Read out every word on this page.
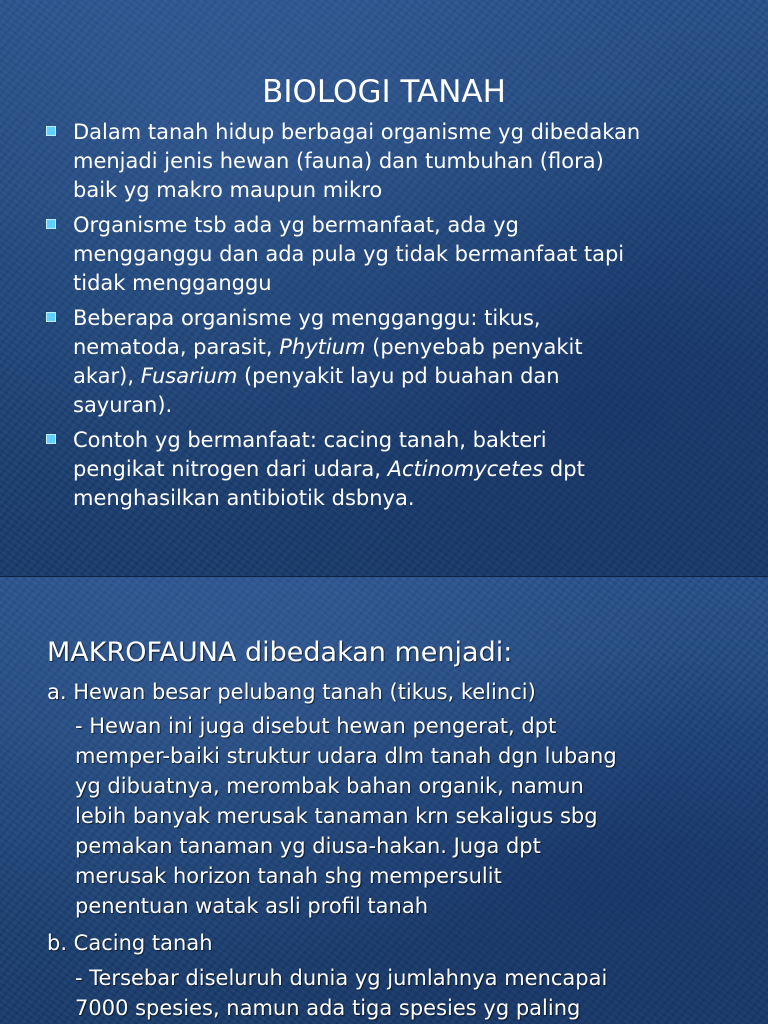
BIOLOGI TANAH
Dalam tanah hidup berbagai organisme yg dibedakan
menjadi jenis hewan (fauna) dan tumbuhan (flora)
baik yg makro maupun mikro
Organisme tsb ada yg bermanfaat, ada yg
mengganggu dan ada pula yg tidak bermanfaat tapi
tidak mengganggu
Beberapa organisme yg mengganggu: tikus,
nematoda, parasit, Phytium (penyebab penyakit
akar), Fusarium (penyakit layu pd buahan dan
sayuran).
Contoh yg bermanfaat: cacing tanah, bakteri
pengikat nitrogen dari udara, Actinomycetes dpt
menghasilkan antibiotik dsbnya.
MAKROFAUNA dibedakan menjadi:
a. Hewan besar pelubang tanah (tikus, kelinci)
- Hewan ini juga disebut hewan pengerat, dpt
memper-baiki struktur udara dlm tanah dgn lubang
yg dibuatnya, merombak bahan organik, namun
lebih banyak merusak tanaman krn sekaligus sbg
pemakan tanaman yg diusa-hakan. Juga dpt
merusak horizon tanah shg mempersulit
penentuan watak asli profil tanah
b. Cacing tanah
- Tersebar diseluruh dunia yg jumlahnya mencapai
7000 spesies, namun ada tiga spesies yg paling
